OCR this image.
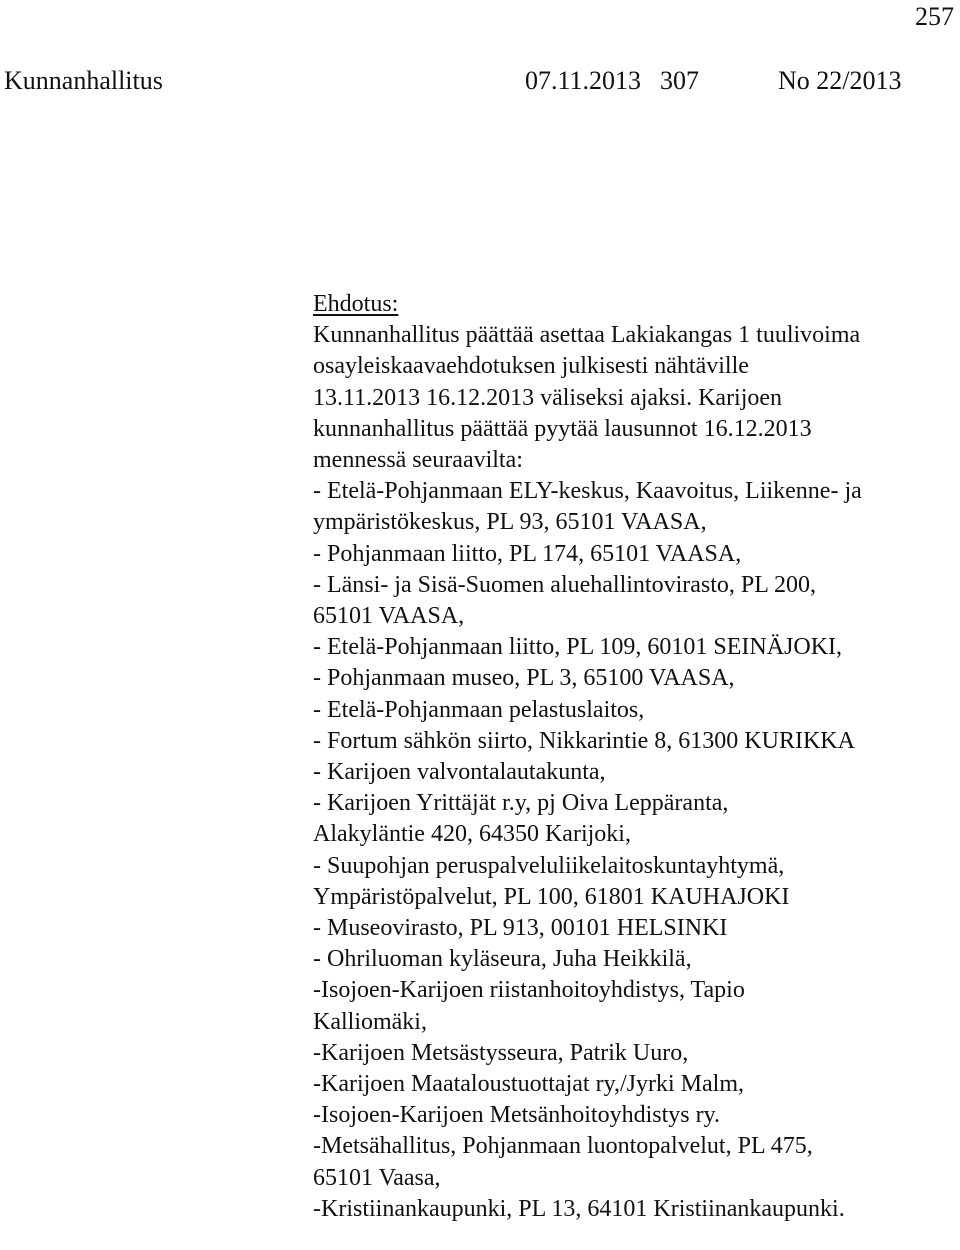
257
Kunnanhallitus	07.11.2013 307	No 22/2013
Ehdotus:
Kunnanhallitus päättää asettaa Lakiakangas 1 tuulivoima
osayleiskaavaehdotuksen julkisesti nähtäville
13.11.2013 16.12.2013 väliseksi ajaksi. Karijoen
kunnanhallitus päättää pyytää lausunnot 16.12.2013
mennessä seuraavilta:
- Etelä-Pohjanmaan ELY-keskus, Kaavoitus, Liikenne- ja
ympäristökeskus, PL 93, 65101 VAASA,
- Pohjanmaan liitto, PL 174, 65101 VAASA,
- Länsi- ja Sisä-Suomen aluehallintovirasto, PL 200,
65101 VAASA,
- Etelä-Pohjanmaan liitto, PL 109, 60101 SEINÄJOKI,
- Pohjanmaan museo, PL 3, 65100 VAASA,
- Etelä-Pohjanmaan pelastuslaitos,
- Fortum sähkön siirto, Nikkarintie 8, 61300 KURIKKA
- Karijoen valvontalautakunta,
- Karijoen Yrittäjät r.y, pj Oiva Leppäranta,
Alakyläntie 420, 64350 Karijoki,
- Suupohjan peruspalveluliikelaitoskuntayhtymä,
Ympäristöpalvelut, PL 100, 61801 KAUHAJOKI
- Museovirasto, PL 913, 00101 HELSINKI
- Ohriluoman kyläseura, Juha Heikkilä,
-Isojoen-Karijoen riistanhoitoyhdistys, Tapio
Kalliomäki,
-Karijoen Metsästysseura, Patrik Uuro,
-Karijoen Maataloustuottajat ry,/Jyrki Malm,
-Isojoen-Karijoen Metsänhoitoyhdistys ry.
-Metsähallitus, Pohjanmaan luontopalvelut, PL 475,
65101 Vaasa,
-Kristiinankaupunki, PL 13, 64101 Kristiinankaupunki.
